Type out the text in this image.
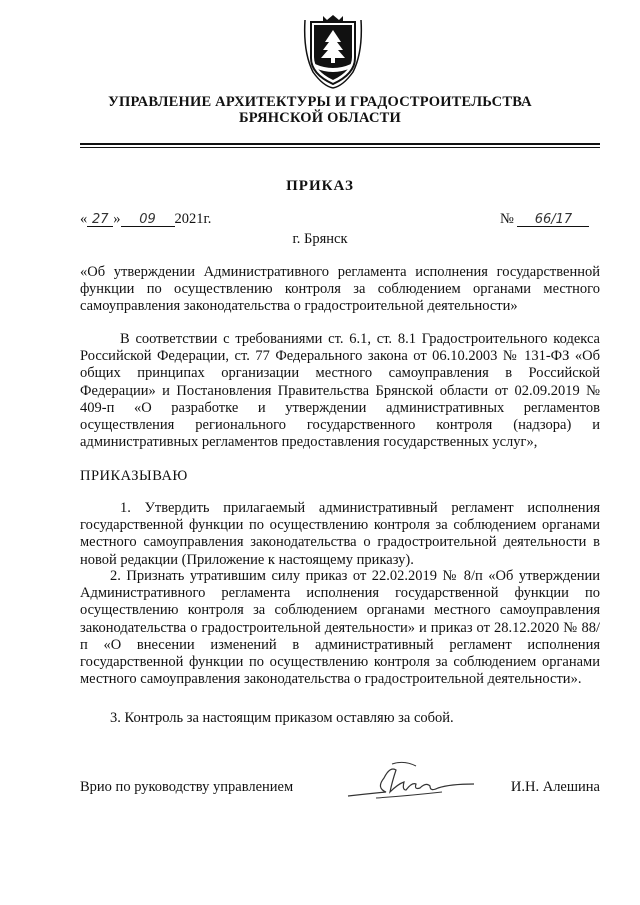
УПРАВЛЕНИЕ АРХИТЕКТУРЫ И ГРАДОСТРОИТЕЛЬСТВА
БРЯНСКОЙ ОБЛАСТИ
ПРИКАЗ
« 27 » 09 2021г.	№ 66/17
г. Брянск

«Об утверждении Административного регламента исполнения государственной функции по осуществлению контроля за соблюдением органами местного самоуправления законодательства о градостроительной деятельности»

В соответствии с требованиями ст. 6.1, ст. 8.1 Градостроительного кодекса Российской Федерации, ст. 77 Федерального закона от 06.10.2003 № 131-ФЗ «Об общих принципах организации местного самоуправления в Российской Федерации» и Постановления Правительства Брянской области от 02.09.2019 № 409-п «О разработке и утверждении административных регламентов осуществления регионального государственного контроля (надзора) и административных регламентов предоставления государственных услуг»,

ПРИКАЗЫВАЮ

1. Утвердить прилагаемый административный регламент исполнения государственной функции по осуществлению контроля за соблюдением органами местного самоуправления законодательства о градостроительной деятельности в новой редакции (Приложение к настоящему приказу).

2. Признать утратившим силу приказ от 22.02.2019 № 8/п «Об утверждении Административного регламента исполнения государственной функции по осуществлению контроля за соблюдением органами местного самоуправления законодательства о градостроительной деятельности» и приказ от 28.12.2020 № 88/п «О внесении изменений в административный регламент исполнения государственной функции по осуществлению контроля за соблюдением органами местного самоуправления законодательства о градостроительной деятельности».

3. Контроль за настоящим приказом оставляю за собой.

Врио по руководству управлением	И.Н. Алешина
